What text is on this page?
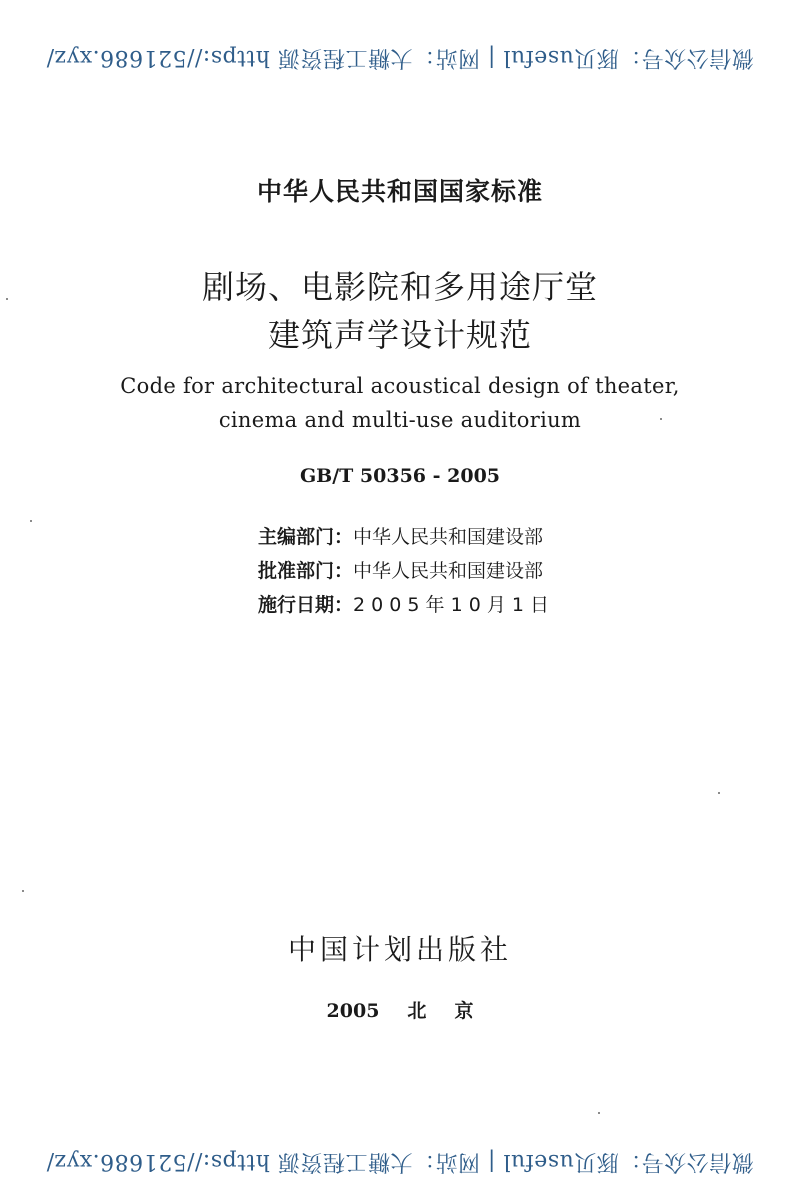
微信公众号：豚贝useful | 网站：大糖工程资源 https://521686.xyz/
中华人民共和国国家标准
剧场、电影院和多用途厅堂
建筑声学设计规范
Code for architectural acoustical design of theater,
cinema and multi-use auditorium
GB/T 50356 - 2005
主编部门：中华人民共和国建设部
批准部门：中华人民共和国建设部
施行日期：2 0 0 5 年 1 0 月 1 日
中国计划出版社
2005 北 京
微信公众号：豚贝useful | 网站：大糖工程资源 https://521686.xyz/
